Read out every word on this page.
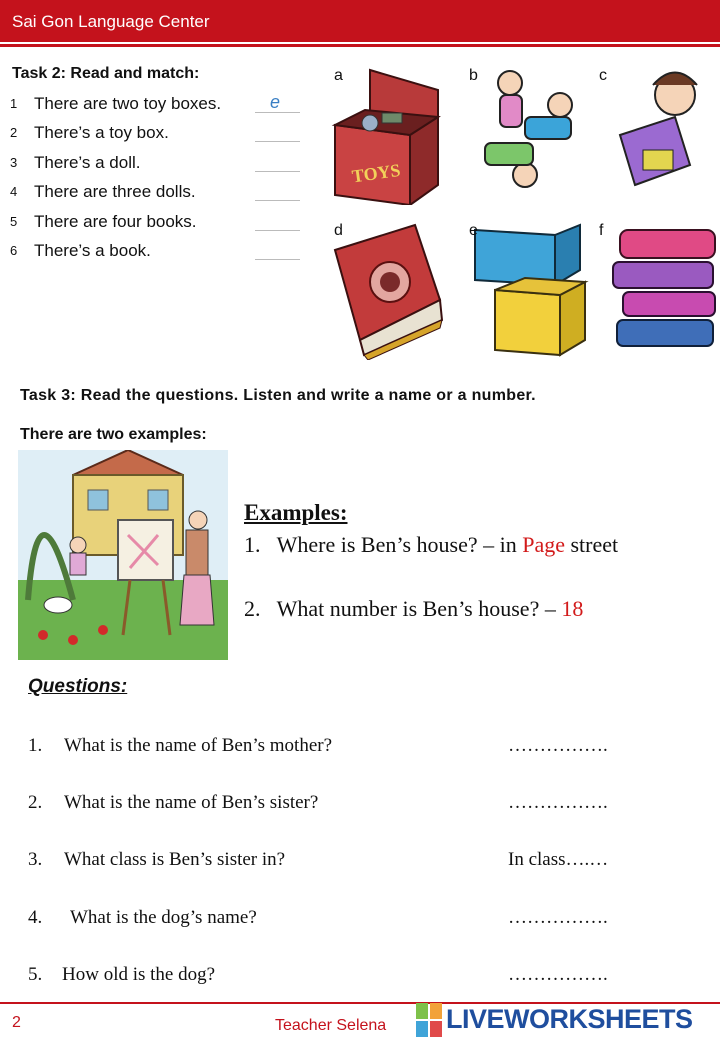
Sai Gon Language Center
Task 2: Read and match:
1 There are two toy boxes.	e
2 There’s a toy box.
3 There’s a doll.
4 There are three dolls.
5 There are four books.
6 There’s a book.
a
TOYS
b	c
d	e	f
Task 3: Read the questions. Listen and write a name or a number.
There are two examples:
Examples:
1. Where is Ben’s house? – in Page street
2. What number is Ben’s house? – 18
Questions:
1. What is the name of Ben’s mother?	…………….
2. What is the name of Ben’s sister?	…………….
3. What class is Ben’s sister in?	In class….…
4. What is the dog’s name?	…………….
5. How old is the dog?	…………….
2	Teacher Selena LIVEWORKSHEETS
